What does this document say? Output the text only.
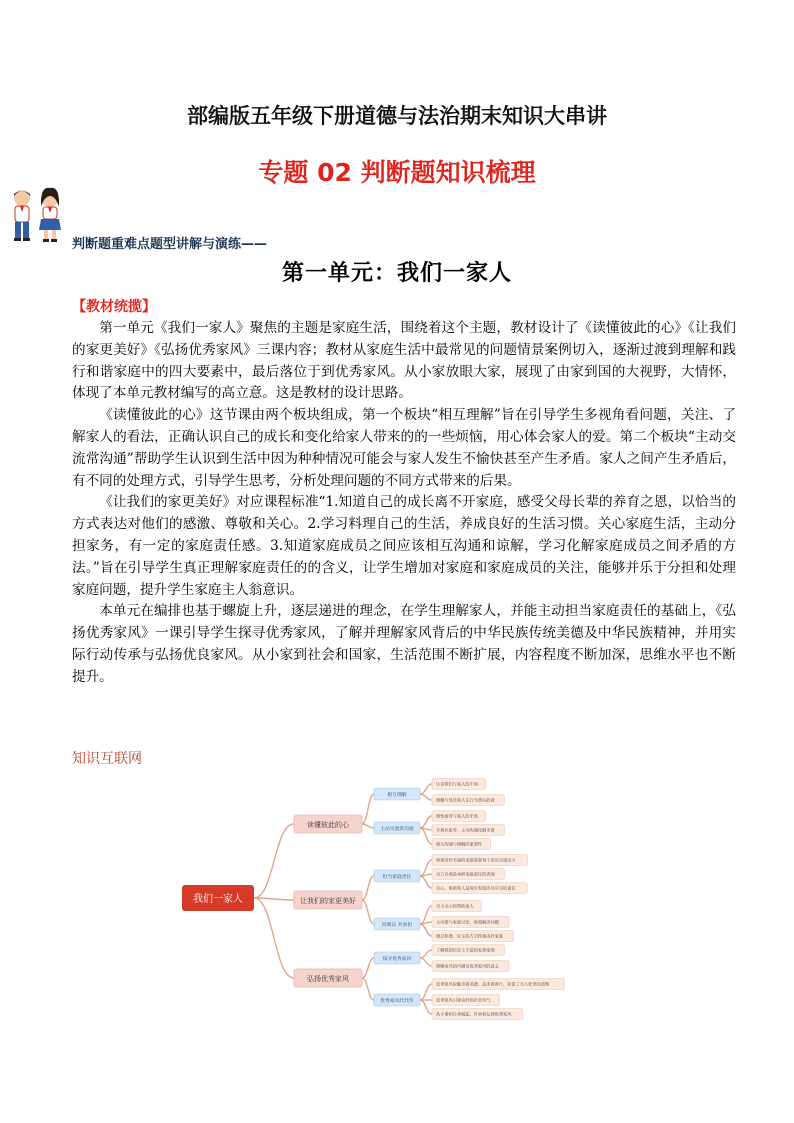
部编版五年级下册道德与法治期末知识大串讲
专题 02 判断题知识梳理
判断题重难点题型讲解与演练——
第一单元：我们一家人
【教材统揽】

第一单元《我们一家人》聚焦的主题是家庭生活，围绕着这个主题，教材设计了《读懂彼此的心》《让我们的家更美好》《弘扬优秀家风》三课内容；教材从家庭生活中最常见的问题情景案例切入，逐渐过渡到理解和践行和谐家庭中的四大要素中，最后落位于到优秀家风。从小家放眼大家，展现了由家到国的大视野，大情怀，体现了本单元教材编写的高立意。这是教材的设计思路。

《读懂彼此的心》这节课由两个板块组成，第一个板块“相互理解”旨在引导学生多视角看问题，关注、了解家人的看法，正确认识自己的成长和变化给家人带来的的一些烦恼，用心体会家人的爱。第二个板块“主动交流常沟通”帮助学生认识到生活中因为种种情况可能会与家人发生不愉快甚至产生矛盾。家人之间产生矛盾后，有不同的处理方式，引导学生思考，分析处理问题的不同方式带来的后果。

《让我们的家更美好》对应课程标准“1.知道自己的成长离不开家庭，感受父母长辈的养育之恩，以恰当的方式表达对他们的感激、尊敬和关心。2.学习料理自己的生活，养成良好的生活习惯。关心家庭生活，主动分担家务，有一定的家庭责任感。3.知道家庭成员之间应该相互沟通和谅解，学习化解家庭成员之间矛盾的方法。”旨在引导学生真正理解家庭责任的的含义，让学生增加对家庭和家庭成员的关注，能够并乐于分担和处理家庭问题，提升学生家庭主人翁意识。

本单元在编排也基于螺旋上升，逐层递进的理念，在学生理解家人，并能主动担当家庭责任的基础上，《弘扬优秀家风》一课引导学生探寻优秀家风，了解并理解家风背后的中华民族传统美德及中华民族精神，并用实际行动传承与弘扬优良家风。从小家到社会和国家，生活范围不断扩展，内容程度不断加深，思维水平也不断提升。

知识互联网
我们一家人
读懂彼此的心
相互理解
认识我们与家人的不同
理解与体会家人在行为背后的爱
主动交流常沟通
理性面对与家人的矛盾
多换位思考，主动沟通化解矛盾
相互沟通与理解的重要性
让我们的家更美好
担当家庭责任
构建美好幸福的家庭需要每个成员尽责出力
自立自强是承担家庭责任的表现
关心、协助家人是每位家庭成员应尽的责任
同商议 共承担
尽力关心和帮助家人
主动参与家庭讨论，协商解决问题
通过和谐、民主的方式构建美好家庭
弘扬优秀家风
探寻优秀家风
了解我国历史上丰富的家训家规
理解家风的内涵及优秀家风的意义
优秀家风代代传
优秀家风里蕴含着美德、追求着善行、彰显了为人处世的道理
优秀家风引领良好的社会风气
从小事和自身做起，传承和弘扬优秀家风
